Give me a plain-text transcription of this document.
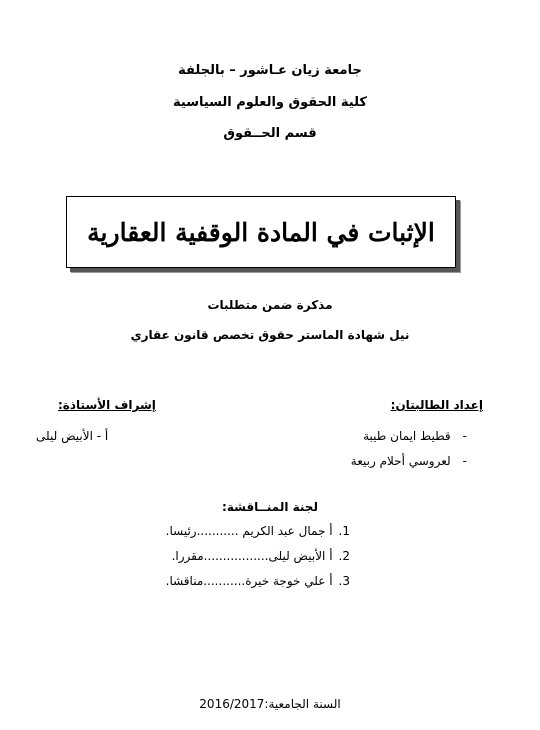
جامعة زيان عـاشور – بالجلفة
كلية الحقوق والعلوم السياسية
قسم الحــقوق
الإثبات في المادة الوقفية العقارية
مذكرة ضمن متطلبات
نيل شهادة الماستر حقوق تخصص قانون عقاري
إعداد الطالبتان:
إشراف الأستاذة:
-قطيط ايمان طيبة
-لعروسي أحلام ربيعة
أ - الأبيض ليلى
لجنة المنــاقشة:
1.أ جمال عبد الكريم ...........رئيسا.
2.أ الأبيض ليلى.................مقررا.
3.أ علي خوجة خيرة...........مناقشا.
السنة الجامعية:2016/2017
